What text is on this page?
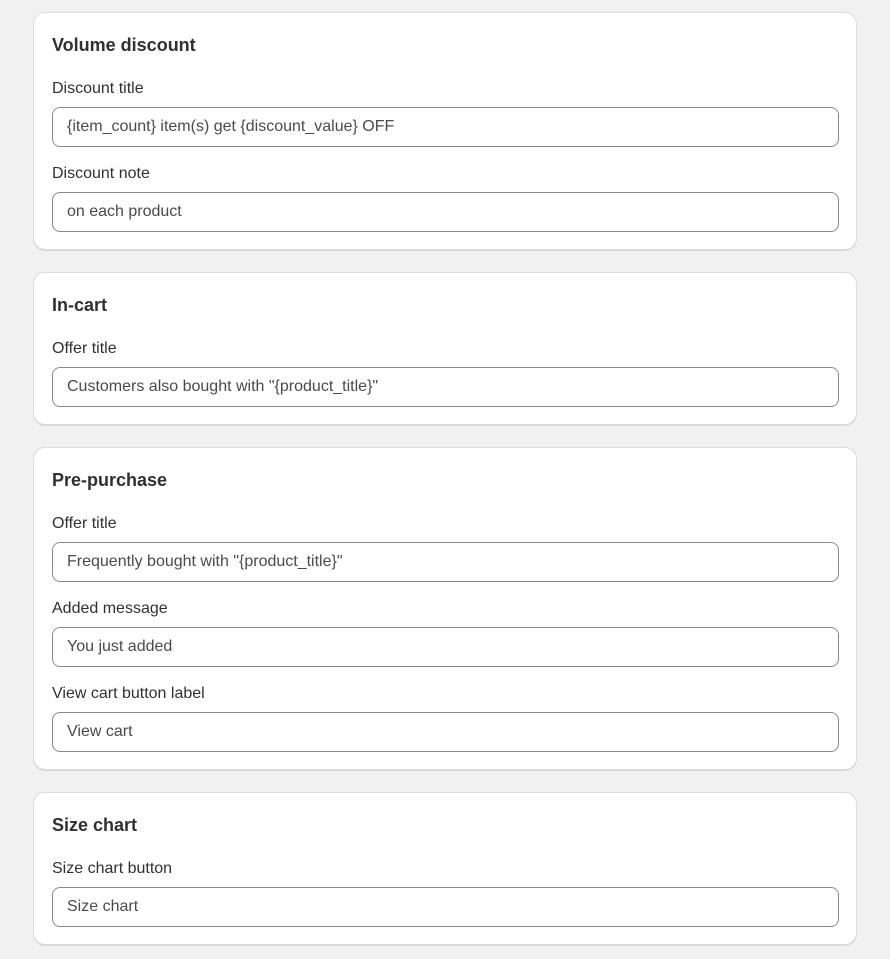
Volume discount
Discount title
{item_count} item(s) get {discount_value} OFF
Discount note
on each product
In-cart
Offer title
Customers also bought with "{product_title}"
Pre-purchase
Offer title
Frequently bought with "{product_title}"
Added message
You just added
View cart button label
View cart
Size chart
Size chart button
Size chart
